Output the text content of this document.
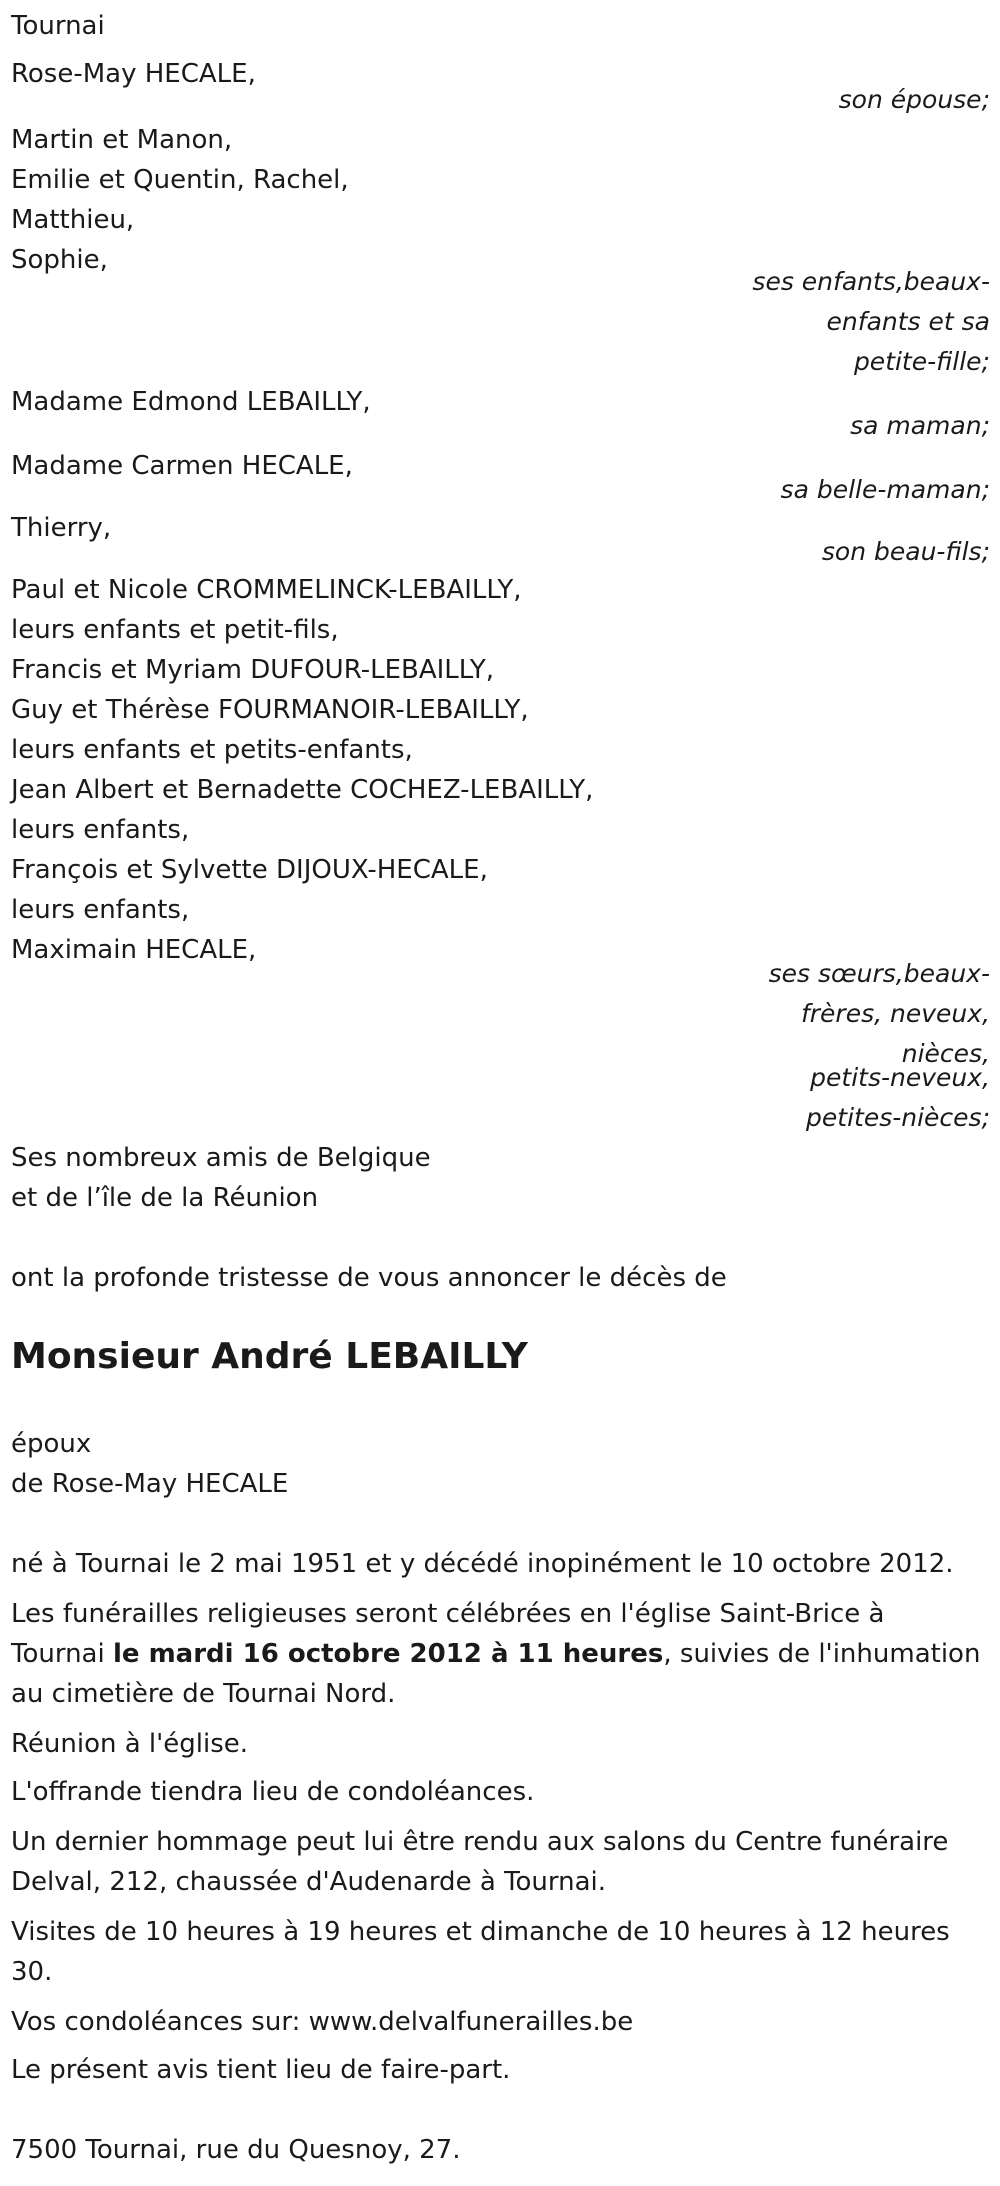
Tournai

Rose-May HECALE,

son épouse;

Martin et Manon,

Emilie et Quentin, Rachel,

Matthieu,

Sophie,

ses enfants,beaux-
enfants et sa
petite-fille;

Madame Edmond LEBAILLY,

sa maman;

Madame Carmen HECALE,

sa belle-maman;

Thierry,

son beau-fils;

Paul et Nicole CROMMELINCK-LEBAILLY,

leurs enfants et petit-fils,

Francis et Myriam DUFOUR-LEBAILLY,

Guy et Thérèse FOURMANOIR-LEBAILLY,

leurs enfants et petits-enfants,

Jean Albert et Bernadette COCHEZ-LEBAILLY,

leurs enfants,

François et Sylvette DIJOUX-HECALE,

leurs enfants,

Maximain HECALE,

ses sœurs,beaux-
frères, neveux,
nièces,
petits-neveux,
petites-nièces;

Ses nombreux amis de Belgique

et de l’île de la Réunion

ont la profonde tristesse de vous annoncer le décès de

Monsieur André LEBAILLY

époux

de Rose-May HECALE

né à Tournai le 2 mai 1951 et y décédé inopinément le 10 octobre 2012.

Les funérailles religieuses seront célébrées en l'église Saint-Brice à Tournai le mardi 16 octobre 2012 à 11 heures, suivies de l'inhumation au cimetière de Tournai Nord.

Réunion à l'église.

L'offrande tiendra lieu de condoléances.

Un dernier hommage peut lui être rendu aux salons du Centre funéraire Delval, 212, chaussée d'Audenarde à Tournai.

Visites de 10 heures à 19 heures et dimanche de 10 heures à 12 heures 30.

Vos condoléances sur: www.delvalfunerailles.be

Le présent avis tient lieu de faire-part.

7500 Tournai, rue du Quesnoy, 27.
